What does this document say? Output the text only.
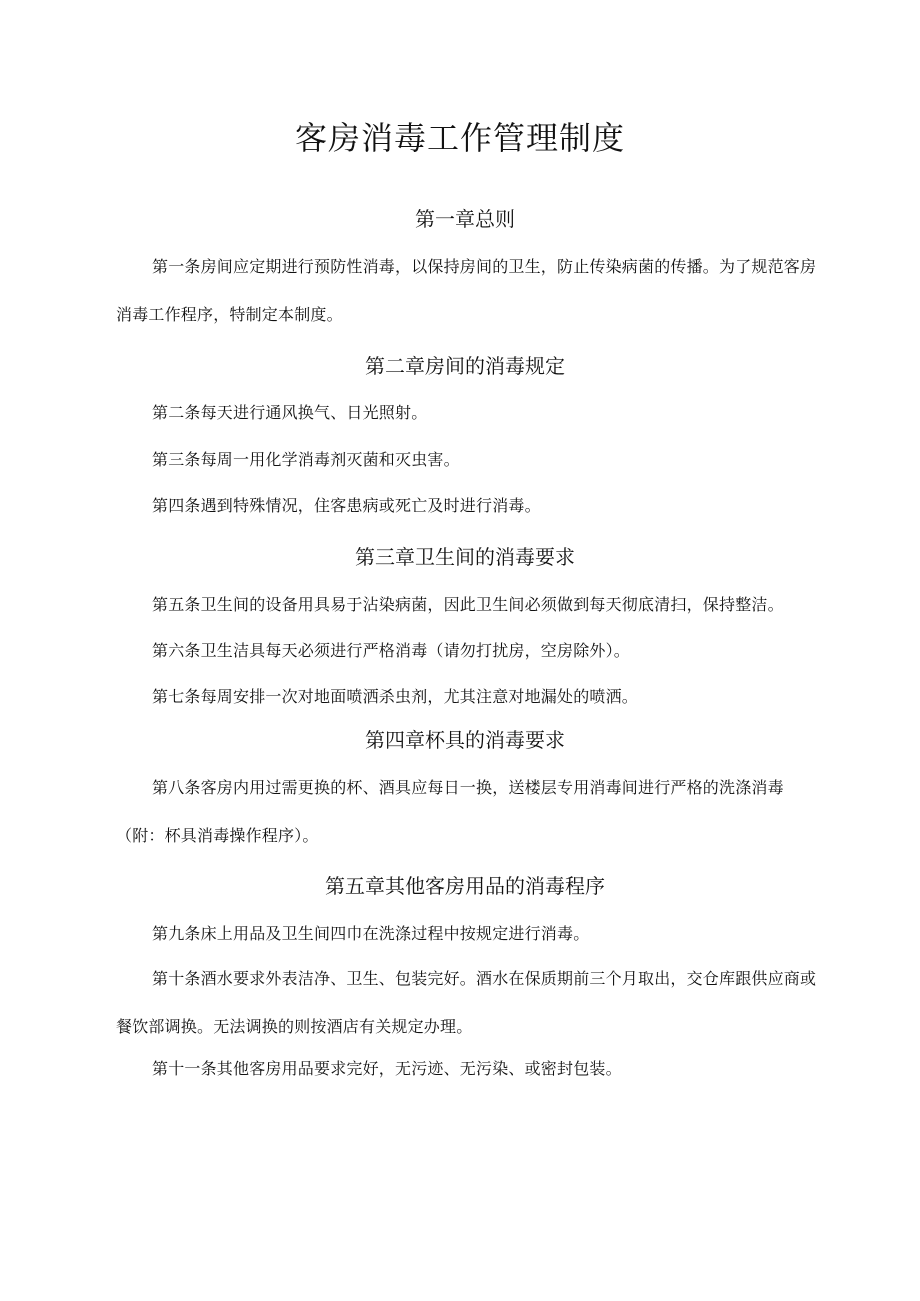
客房消毒工作管理制度
第一章总则

第一条房间应定期进行预防性消毒，以保持房间的卫生，防止传染病菌的传播。为了规范客房消毒工作程序，特制定本制度。

第二章房间的消毒规定

第二条每天进行通风换气、日光照射。

第三条每周一用化学消毒剂灭菌和灭虫害。

第四条遇到特殊情况，住客患病或死亡及时进行消毒。

第三章卫生间的消毒要求

第五条卫生间的设备用具易于沾染病菌，因此卫生间必须做到每天彻底清扫，保持整洁。

第六条卫生洁具每天必须进行严格消毒（请勿打扰房，空房除外）。

第七条每周安排一次对地面喷洒杀虫剂，尤其注意对地漏处的喷洒。

第四章杯具的消毒要求

第八条客房内用过需更换的杯、酒具应每日一换，送楼层专用消毒间进行严格的洗涤消毒（附：杯具消毒操作程序）。

第五章其他客房用品的消毒程序

第九条床上用品及卫生间四巾在洗涤过程中按规定进行消毒。

第十条酒水要求外表洁净、卫生、包装完好。酒水在保质期前三个月取出，交仓库跟供应商或餐饮部调换。无法调换的则按酒店有关规定办理。

第十一条其他客房用品要求完好，无污迹、无污染、或密封包装。
